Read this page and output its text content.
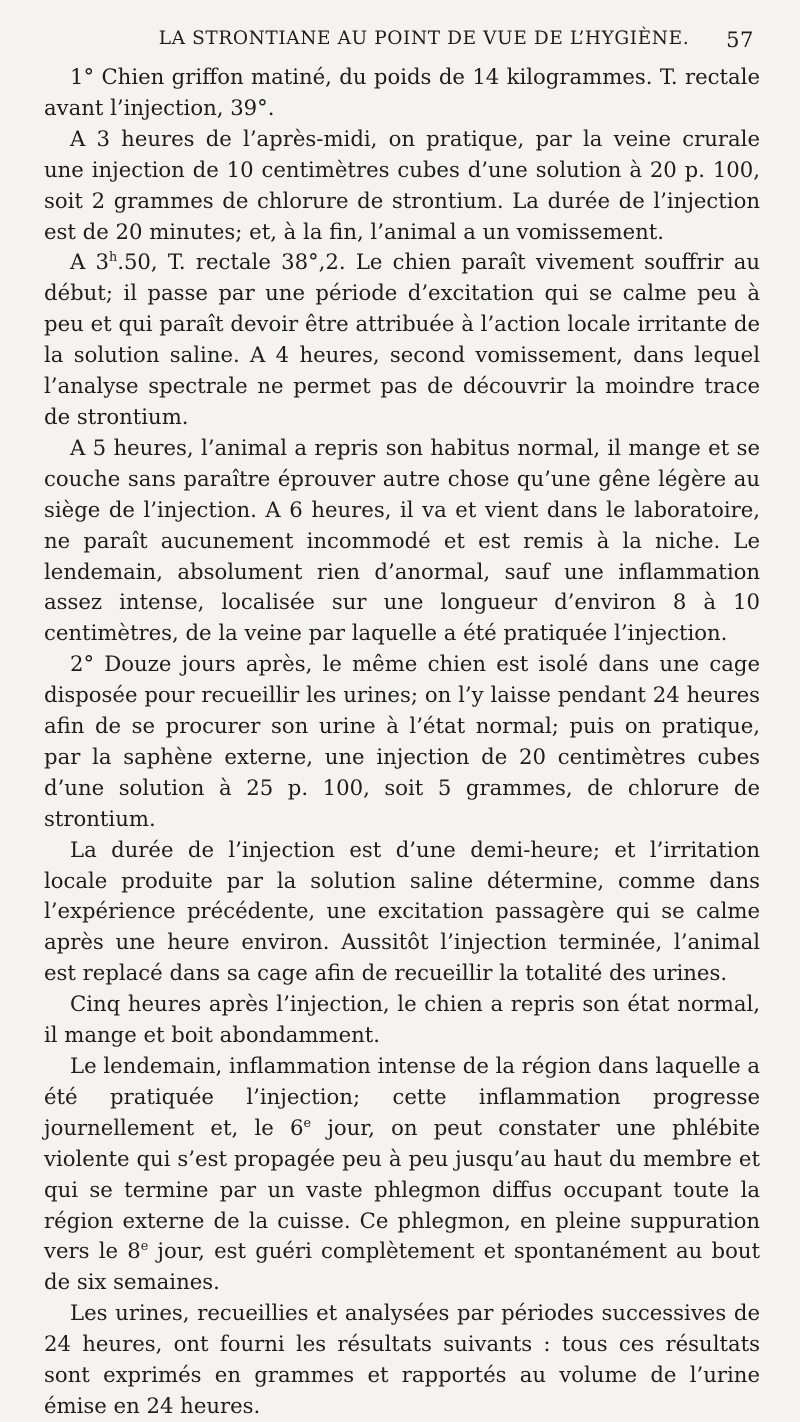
LA STRONTIANE AU POINT DE VUE DE L’HYGIÈNE. 57

1° Chien griffon matiné, du poids de 14 kilogrammes. T. rectale avant l’injection, 39°.

A 3 heures de l’après-midi, on pratique, par la veine crurale une injection de 10 centimètres cubes d’une solution à 20 p. 100, soit 2 grammes de chlorure de strontium. La durée de l’injection est de 20 minutes; et, à la fin, l’animal a un vomissement.

A 3$^h$.50, T. rectale 38°,2. Le chien paraît vivement souffrir au début; il passe par une période d’excitation qui se calme peu à peu et qui paraît devoir être attribuée à l’action locale irritante de la solution saline. A 4 heures, second vomissement, dans lequel l’analyse spectrale ne permet pas de découvrir la moindre trace de strontium.

A 5 heures, l’animal a repris son habitus normal, il mange et se couche sans paraître éprouver autre chose qu’une gêne légère au siège de l’injection. A 6 heures, il va et vient dans le laboratoire, ne paraît aucunement incommodé et est remis à la niche. Le lendemain, absolument rien d’anormal, sauf une inflammation assez intense, localisée sur une longueur d’environ 8 à 10 centimètres, de la veine par laquelle a été pratiquée l’injection.

2° Douze jours après, le même chien est isolé dans une cage disposée pour recueillir les urines; on l’y laisse pendant 24 heures afin de se procurer son urine à l’état normal; puis on pratique, par la saphène externe, une injection de 20 centimètres cubes d’une solution à 25 p. 100, soit 5 grammes, de chlorure de strontium.

La durée de l’injection est d’une demi-heure; et l’irritation locale produite par la solution saline détermine, comme dans l’expérience précédente, une excitation passagère qui se calme après une heure environ. Aussitôt l’injection terminée, l’animal est replacé dans sa cage afin de recueillir la totalité des urines.

Cinq heures après l’injection, le chien a repris son état normal, il mange et boit abondamment.

Le lendemain, inflammation intense de la région dans laquelle a été pratiquée l’injection; cette inflammation progresse journellement et, le 6e jour, on peut constater une phlébite violente qui s’est propagée peu à peu jusqu’au haut du membre et qui se termine par un vaste phlegmon diffus occupant toute la région externe de la cuisse. Ce phlegmon, en pleine suppuration vers le 8e jour, est guéri complètement et spontanément au bout de six semaines.

Les urines, recueillies et analysées par périodes successives de 24 heures, ont fourni les résultats suivants : tous ces résultats sont exprimés en grammes et rapportés au volume de l’urine émise en 24 heures.
